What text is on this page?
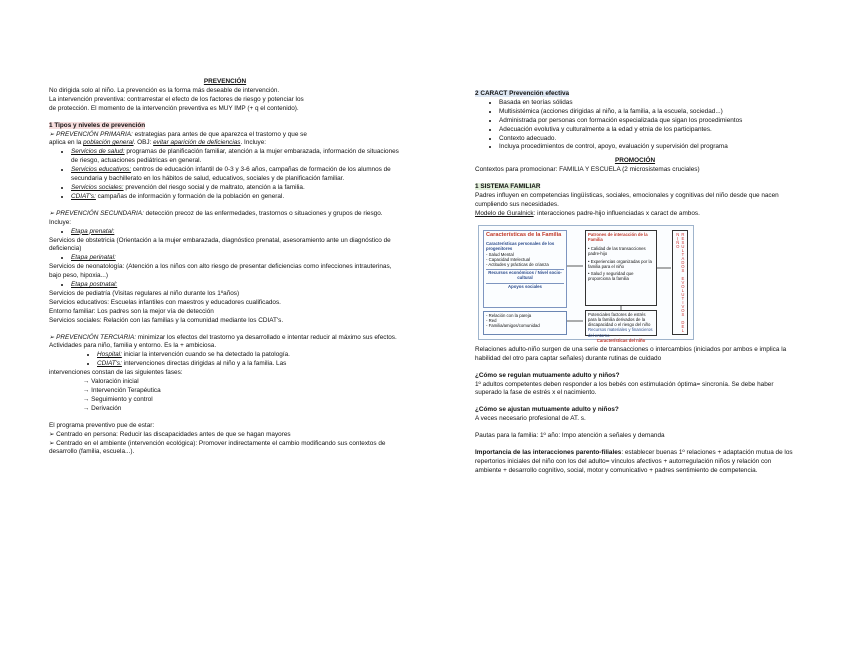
PREVENCIÓN

No dirigida solo al niño. La prevención es la forma más deseable de intervención.

La intervención preventiva: contrarrestar el efecto de los factores de riesgo y potenciar los

de protección. El momento de la intervención preventiva es MUY IMP (+ q el contenido).

1 Tipos y niveles de prevención

➢ PREVENCIÓN PRIMARIA: estrategias para antes de que aparezca el trastorno y que se
aplica en la población general. OBJ: evitar aparición de deficiencias. Incluye:

• Servicios de salud: programas de planificación familiar, atención a la mujer embarazada, información de situaciones de riesgo, actuaciones pediátricas en general.
• Servicios educativos: centros de educación infantil de 0-3 y 3-6 años, campañas de formación de los alumnos de secundaria y bachillerato en los hábitos de salud, educativos, sociales y de planificación familiar.
• Servicios sociales: prevención del riesgo social y de maltrato, atención a la familia.
• CDIAT's: campañas de información y formación de la población en general.

➢ PREVENCIÓN SECUNDARIA: detección precoz de las enfermedades, trastornos o situaciones y grupos de riesgo. Incluye:

• Etapa prenatal:

Servicios de obstetricia (Orientación a la mujer embarazada, diagnóstico prenatal, asesoramiento ante un diagnóstico de deficiencia)

• Etapa perinatal:

Servicios de neonatología: (Atención a los niños con alto riesgo de presentar deficiencias como infecciones intrauterinas, bajo peso, hipoxia...)

• Etapa postnatal:

Servicios de pediatría (Visitas regulares al niño durante los 1ºaños)

Servicios educativos: Escuelas infantiles con maestros y educadores cualificados.

Entorno familiar: Los padres son la mejor vía de detección

Servicios sociales: Relación con las familias y la comunidad mediante los CDIAT's.

➢ PREVENCIÓN TERCIARIA: minimizar los efectos del trastorno ya desarrollado e intentar reducir al máximo sus efectos. Actividades para niño, familia y entorno. Es la + ambiciosa.

• Hospital: iniciar la intervención cuando se ha detectado la patología.
• CDIAT's: intervenciones directas dirigidas al niño y a la familia. Las

intervenciones constan de las siguientes fases:

→ Valoración inicial

→ Intervención Terapéutica

→ Seguimiento y control

→ Derivación

El programa preventivo pue de estar:

➢ Centrado en persona: Reducir las discapacidades antes de que se hagan mayores

➢ Centrado en el ambiente (intervención ecológica): Promover indirectamente el cambio modificando sus contextos de desarrollo (familia, escuela...).

2 CARACT Prevención efectiva
• Basada en teorías sólidas
• Multisistémica (acciones dirigidas al niño, a la familia, a la escuela, sociedad...)
• Administrada por personas con formación especializada que sigan los procedimientos
• Adecuación evolutiva y culturalmente a la edad y etnia de los participantes.
• Contexto adecuado.
• Incluya procedimientos de control, apoyo, evaluación y supervisión del programa
PROMOCIÓN

Contextos para promocionar: FAMILIA Y ESCUELA (2 microsistemas cruciales)

1 SISTEMA FAMILIAR

Padres influyen en competencias lingüísticas, sociales, emocionales y cognitivas del niño desde que nacen cumpliendo sus necesidades.

Modelo de Guralnick: interacciones padre-hijo influenciadas x caract de ambos.

Características de la Familia
Características personales de los progenitores
- Salud Mental
- Capacidad Intelectual
- Actitudes y prácticas de crianza
Recursos económicos / Nivel socio-cultural
Apoyos sociales
- Relación con la pareja
- Red
- Familia/amigos/comunidad
Patrones de interacción de la Familia
• Calidad de las transacciones padre-hijo
• Experiencias organizadas por la familia para el niño
• Salud y seguridad que proporciona la familia
Potenciales factores de estrés para la familia derivados de la discapacidad o el riesgo del niño
Recursos materiales y financieros del entorno
Características del niño
RESULTADOS EVOLUTIVOS DEL NIÑO

Relaciones adulto-niño surgen de una serie de transacciones o intercambios (iniciados por ambos e implica la habilidad del otro para captar señales) durante rutinas de cuidado

¿Cómo se regulan mutuamente adulto y niños?

1º adultos competentes deben responder a los bebés con estimulación óptima= sincronía. Se debe haber superado la fase de estrés x el nacimiento.

¿Cómo se ajustan mutuamente adulto y niños?

A veces necesario profesional de AT. s.

Pautas para la familia: 1º año: Impo atención a señales y demanda

Importancia de las interacciones parento-filiales: establecer buenas 1º relaciones + adaptación mutua de los repertorios iniciales del niño con los del adulto= vínculos afectivos + autorregulación niños y relación con ambiente + desarrollo cognitivo, social, motor y comunicativo + padres sentimiento de competencia.
